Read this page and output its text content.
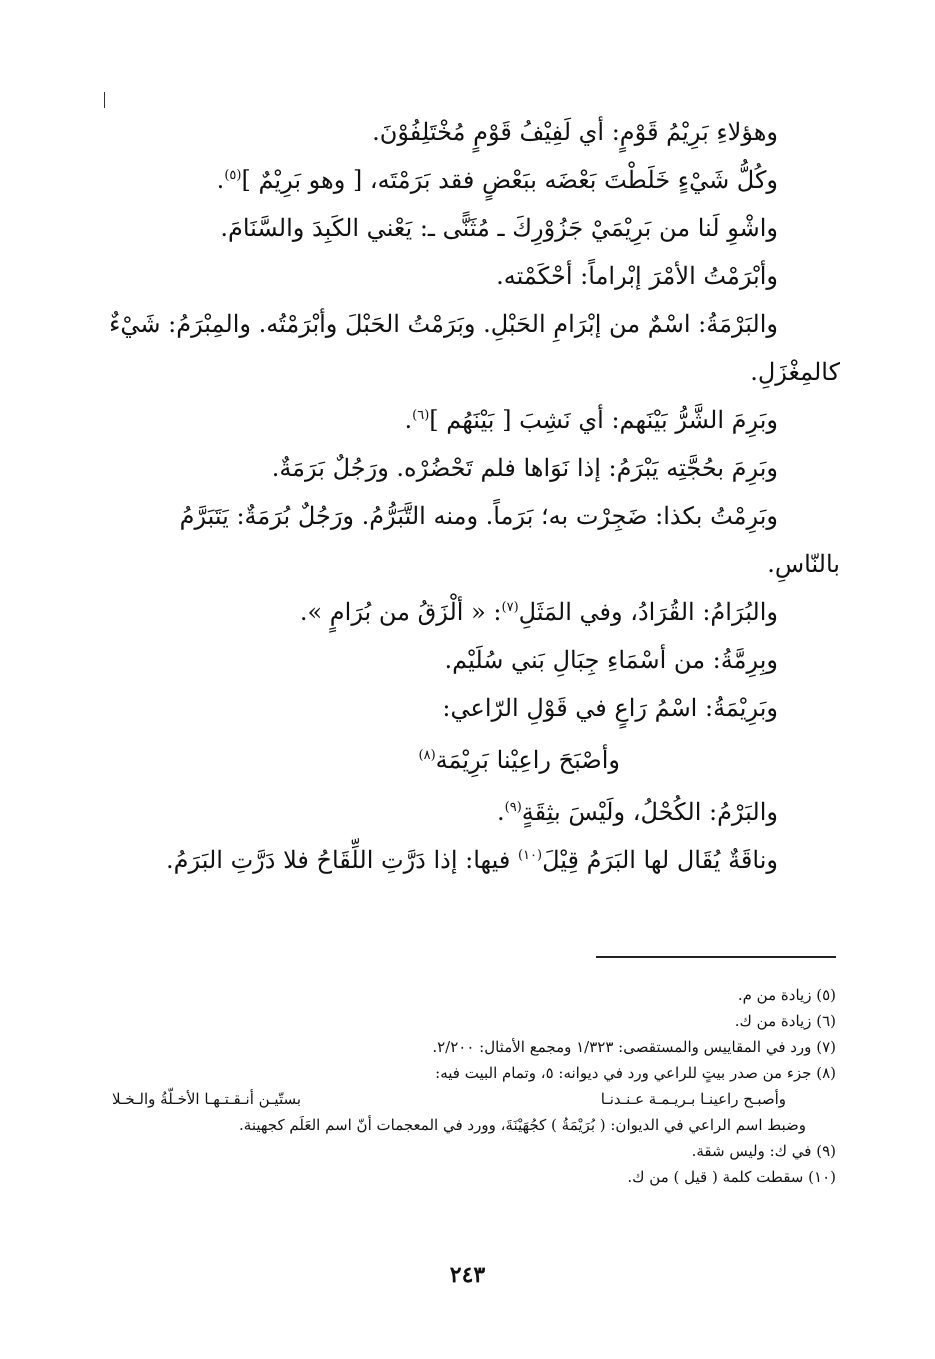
وهؤلاءِ بَرِيْمُ قَوْمٍ: أي لَفِيْفُ قَوْمٍ مُخْتَلِفُوْنَ.
وكُلُّ شَيْءٍ خَلَطْتَ بَعْضَه ببَعْضٍ فقد بَرَمْتَه، [ وهو بَرِيْمٌ ]$^{(٥)}$.
واشْوِ لَنا من بَرِيْمَيْ جَزُوْرِكَ ـ مُثَنًّى ـ: يَعْني الكَبِدَ والسَّنَامَ.
وأبْرَمْتُ الأمْرَ إبْراماً: أحْكَمْته.
والبَرْمَةُ: اسْمٌ من إبْرَامِ الحَبْلِ. وبَرَمْتُ الحَبْلَ وأبْرَمْتُه. والمِبْرَمُ: شَيْءٌ
كالمِغْزَلِ.
وبَرِمَ الشَّرُّ بَيْنَهم: أي نَشِبَ [ بَيْنَهُم ]$^{(٦)}$.
وبَرِمَ بحُجَّتِه يَبْرَمُ: إذا نَوَاها فلم تَحْضُرْه. ورَجُلٌ بَرَمَةٌ.
وبَرِمْتُ بكذا: ضَجِرْت به؛ بَرَماً. ومنه التَّبَرُّمُ. ورَجُلٌ بُرَمَةٌ: يَتَبَرَّمُ
بالنّاسِ.
والبُرَامُ: القُرَادُ، وفي المَثَلِ$^{(٧)}$: « ألْزَقُ من بُرَامٍ ».
وبِرِمَّةُ: من أسْمَاءِ جِبَالِ بَني سُلَيْم.
وبَرِيْمَةُ: اسْمُ رَاعٍ في قَوْلِ الرّاعي:
وأصْبَحَ راعِيْنا بَرِيْمَة$^{(٨)}$
والبَرْمُ: الكُحْلُ، ولَيْسَ بثِقَةٍ$^{(٩)}$.
وناقَةٌ يُقَال لها البَرَمُ قِيْلَ$^{(١٠)}$ فيها: إذا دَرَّتِ اللِّقَاحُ فلا دَرَّتِ البَرَمُ.
(٥) زيادة من م.
(٦) زيادة من ك.
(٧) ورد في المقاييس والمستقصى: ١/٣٢٣ ومجمع الأمثال: ٢/٢٠٠.
(٨) جزء من صدر بيتٍ للراعي ورد في ديوانه: ٥، وتمام البيت فيه:
وأصبـح راعينـا بـريـمـة عـنـدنـا
بستّيـن أنـقـتـهـا الأخـلّةُ والـخـلا
وضبط اسم الراعي في الديوان: ( بُرَيْمَةُ ) كجُهَيْنَةَ، وورد في المعجمات أنّ اسم العَلَم كجهينة.
(٩) في ك: وليس شقة.
(١٠) سقطت كلمة ( قيل ) من ك.
٢٤٣
